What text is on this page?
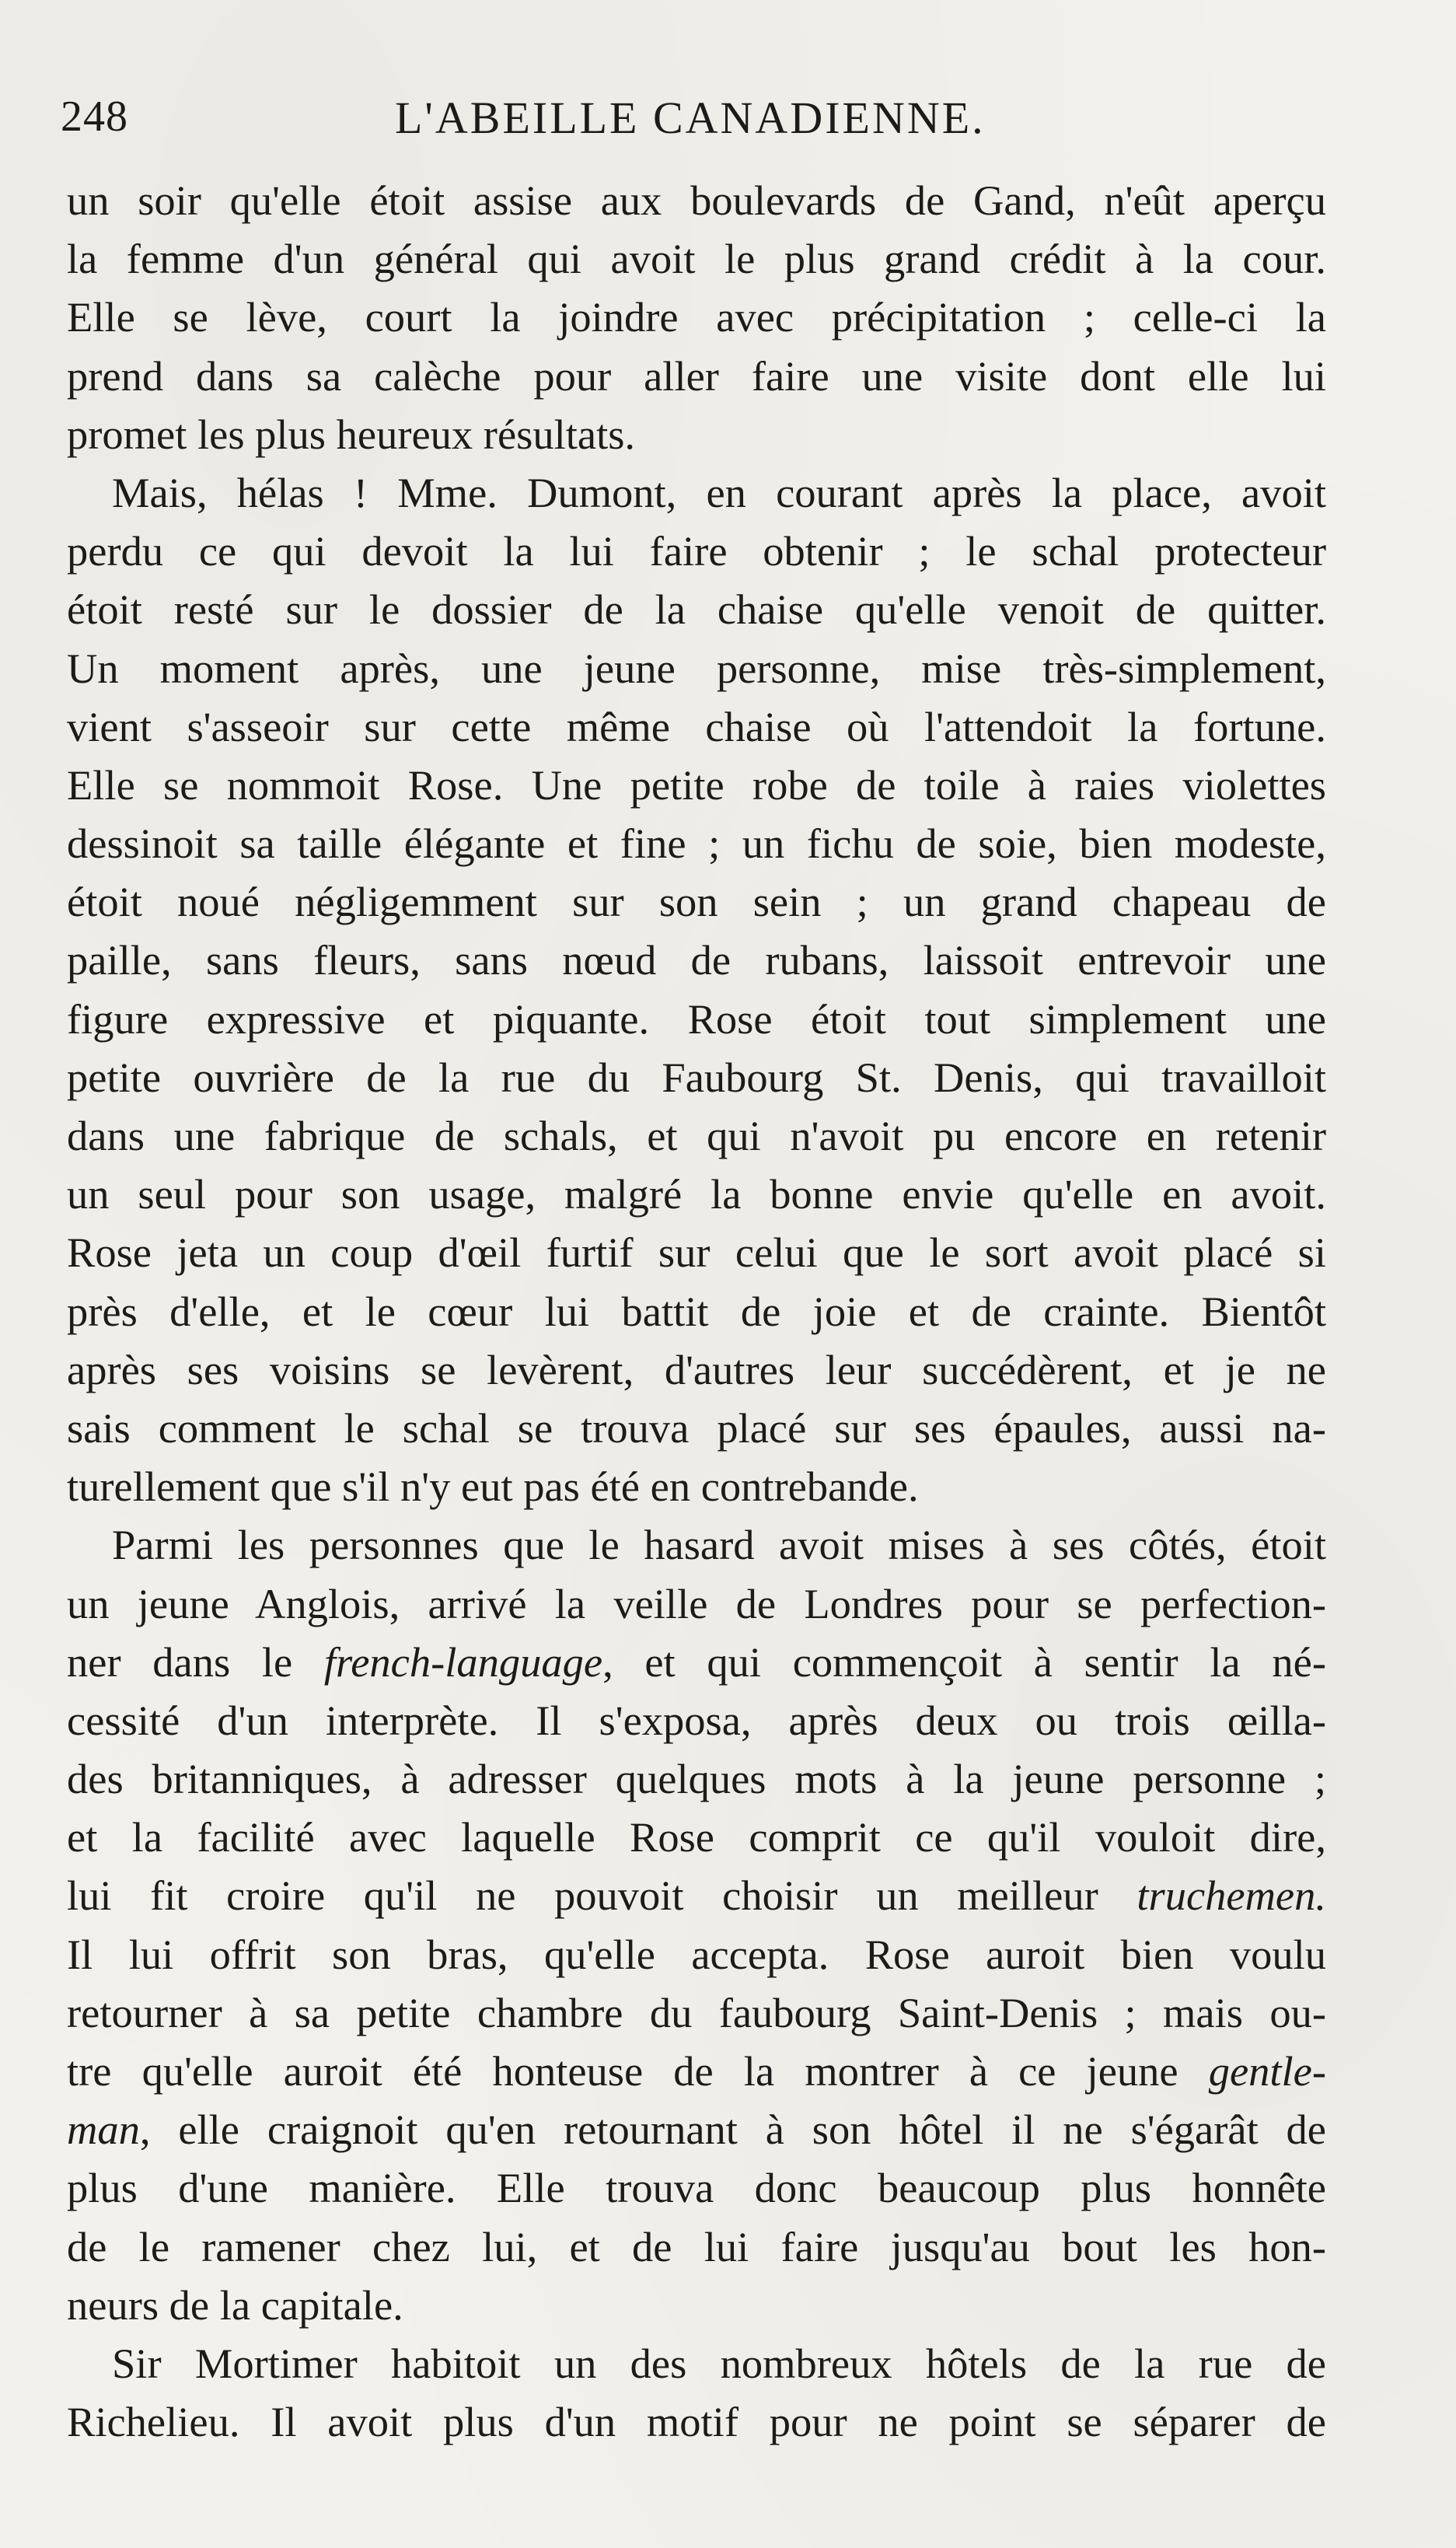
248	L'ABEILLE CANADIENNE.
un soir qu'elle étoit assise aux boulevards de Gand, n'eût aperçu
la femme d'un général qui avoit le plus grand crédit à la cour.
Elle se lève, court la joindre avec précipitation ; celle-ci la
prend dans sa calèche pour aller faire une visite dont elle lui
promet les plus heureux résultats.
Mais, hélas ! Mme. Dumont, en courant après la place, avoit
perdu ce qui devoit la lui faire obtenir ; le schal protecteur
étoit resté sur le dossier de la chaise qu'elle venoit de quitter.
Un moment après, une jeune personne, mise très-simplement,
vient s'asseoir sur cette même chaise où l'attendoit la fortune.
Elle se nommoit Rose. Une petite robe de toile à raies violettes
dessinoit sa taille élégante et fine ; un fichu de soie, bien modeste,
étoit noué négligemment sur son sein ; un grand chapeau de
paille, sans fleurs, sans nœud de rubans, laissoit entrevoir une
figure expressive et piquante. Rose étoit tout simplement une
petite ouvrière de la rue du Faubourg St. Denis, qui travailloit
dans une fabrique de schals, et qui n'avoit pu encore en retenir
un seul pour son usage, malgré la bonne envie qu'elle en avoit.
Rose jeta un coup d'œil furtif sur celui que le sort avoit placé si
près d'elle, et le cœur lui battit de joie et de crainte. Bientôt
après ses voisins se levèrent, d'autres leur succédèrent, et je ne
sais comment le schal se trouva placé sur ses épaules, aussi na-
turellement que s'il n'y eut pas été en contrebande.
Parmi les personnes que le hasard avoit mises à ses côtés, étoit
un jeune Anglois, arrivé la veille de Londres pour se perfection-
ner dans le french-language, et qui commençoit à sentir la né-
cessité d'un interprète. Il s'exposa, après deux ou trois œilla-
des britanniques, à adresser quelques mots à la jeune personne ;
et la facilité avec laquelle Rose comprit ce qu'il vouloit dire,
lui fit croire qu'il ne pouvoit choisir un meilleur truchemen.
Il lui offrit son bras, qu'elle accepta. Rose auroit bien voulu
retourner à sa petite chambre du faubourg Saint-Denis ; mais ou-
tre qu'elle auroit été honteuse de la montrer à ce jeune gentle-
man, elle craignoit qu'en retournant à son hôtel il ne s'égarât de
plus d'une manière. Elle trouva donc beaucoup plus honnête
de le ramener chez lui, et de lui faire jusqu'au bout les hon-
neurs de la capitale.
Sir Mortimer habitoit un des nombreux hôtels de la rue de
Richelieu. Il avoit plus d'un motif pour ne point se séparer de
